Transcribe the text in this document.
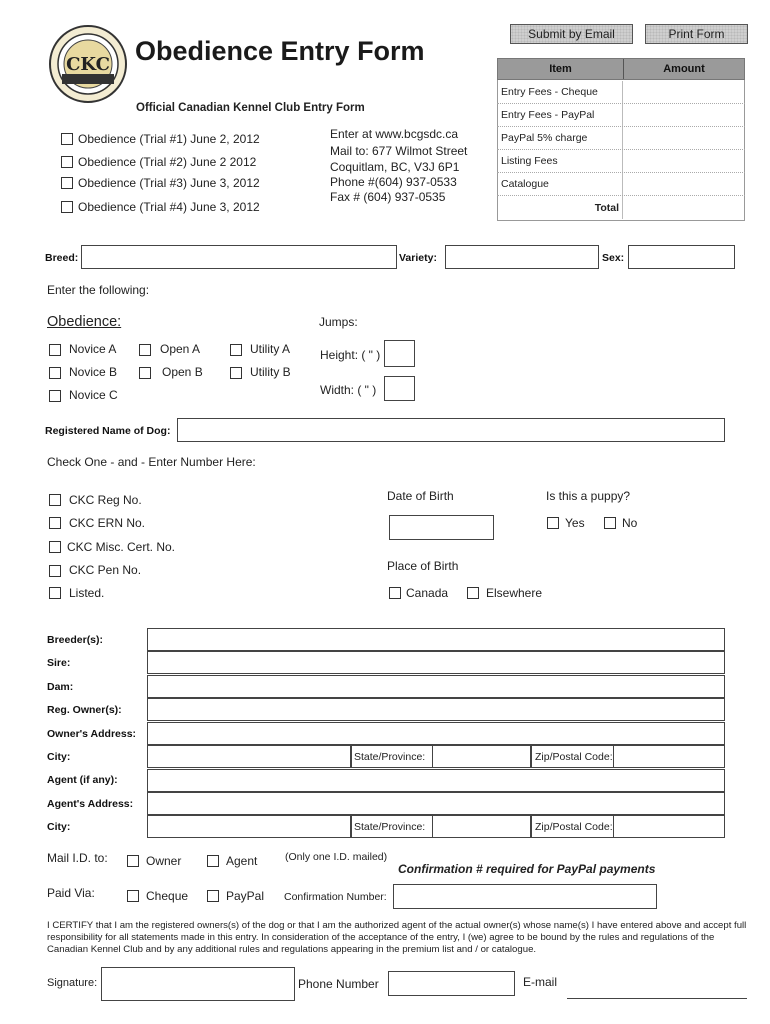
CKC Obedience Entry Form
Official Canadian Kennel Club Entry Form
Submit by Email	Print Form
Item	Amount
Entry Fees - Cheque
Entry Fees - PayPal
PayPal 5% charge
Listing Fees
Catalogue
Total
Obedience (Trial #1) June 2, 2012
Obedience (Trial #2) June 2 2012
Obedience (Trial #3) June 3, 2012
Obedience (Trial #4) June 3, 2012
Enter at www.bcgsdc.ca
Mail to: 677 Wilmot Street
Coquitlam, BC, V3J 6P1
Phone #(604) 937-0533
Fax # (604) 937-0535
Breed:	Variety:	Sex:
Enter the following:
Obedience:
Novice A
Novice B
Novice C
Open A
Open B
Utility A
Utility B
Jumps:
Height: ( " )
Width: ( " )
Registered Name of Dog:
Check One - and - Enter Number Here:
CKC Reg No.
CKC ERN No.
CKC Misc. Cert. No.
CKC Pen No.
Listed.
Date of Birth	Is this a puppy?
Yes	No
Place of Birth
Canada	Elsewhere
Breeder(s):
Sire:
Dam:
Reg. Owner(s):
Owner's Address:
City:	State/Province:	Zip/Postal Code:
Agent (if any):
Agent's Address:
City:	State/Province:	Zip/Postal Code:
Mail I.D. to:	Owner	Agent	(Only one I.D. mailed)
Confirmation # required for PayPal payments
Paid Via:	Cheque	PayPal Confirmation Number:
I CERTIFY that I am the registered owners(s) of the dog or that I am the authorized agent of the actual owner(s) whose name(s) I have entered above and accept full responsibility for all statements made in this entry. In consideration of the acceptance of the entry, I (we) agree to be bound by the rules and regulations of the Canadian Kennel Club and by any additional rules and regulations appearing in the premium list and / or catalogue.
Signature:	Phone Number	E-mail
